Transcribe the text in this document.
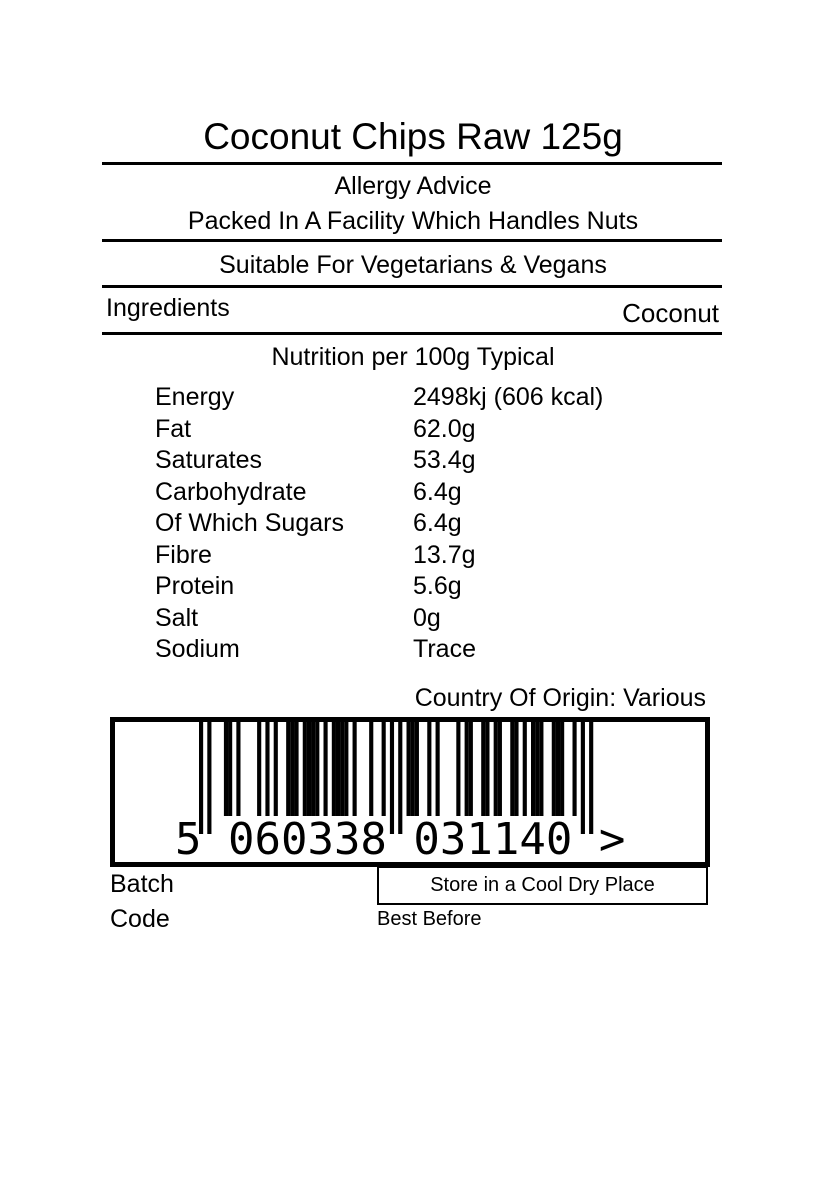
Coconut Chips Raw 125g
Allergy Advice
Packed In A Facility Which Handles Nuts
Suitable For Vegetarians & Vegans
Ingredients	Coconut
Nutrition per 100g Typical
Energy	2498kj (606 kcal)
Fat	62.0g
Saturates	53.4g
Carbohydrate	6.4g
Of Which Sugars	6.4g
Fibre	13.7g
Protein	5.6g
Salt	0g
Sodium	Trace
Country Of Origin: Various
5 060338 031140 >
Batch
Code
Store in a Cool Dry Place
Best Before
